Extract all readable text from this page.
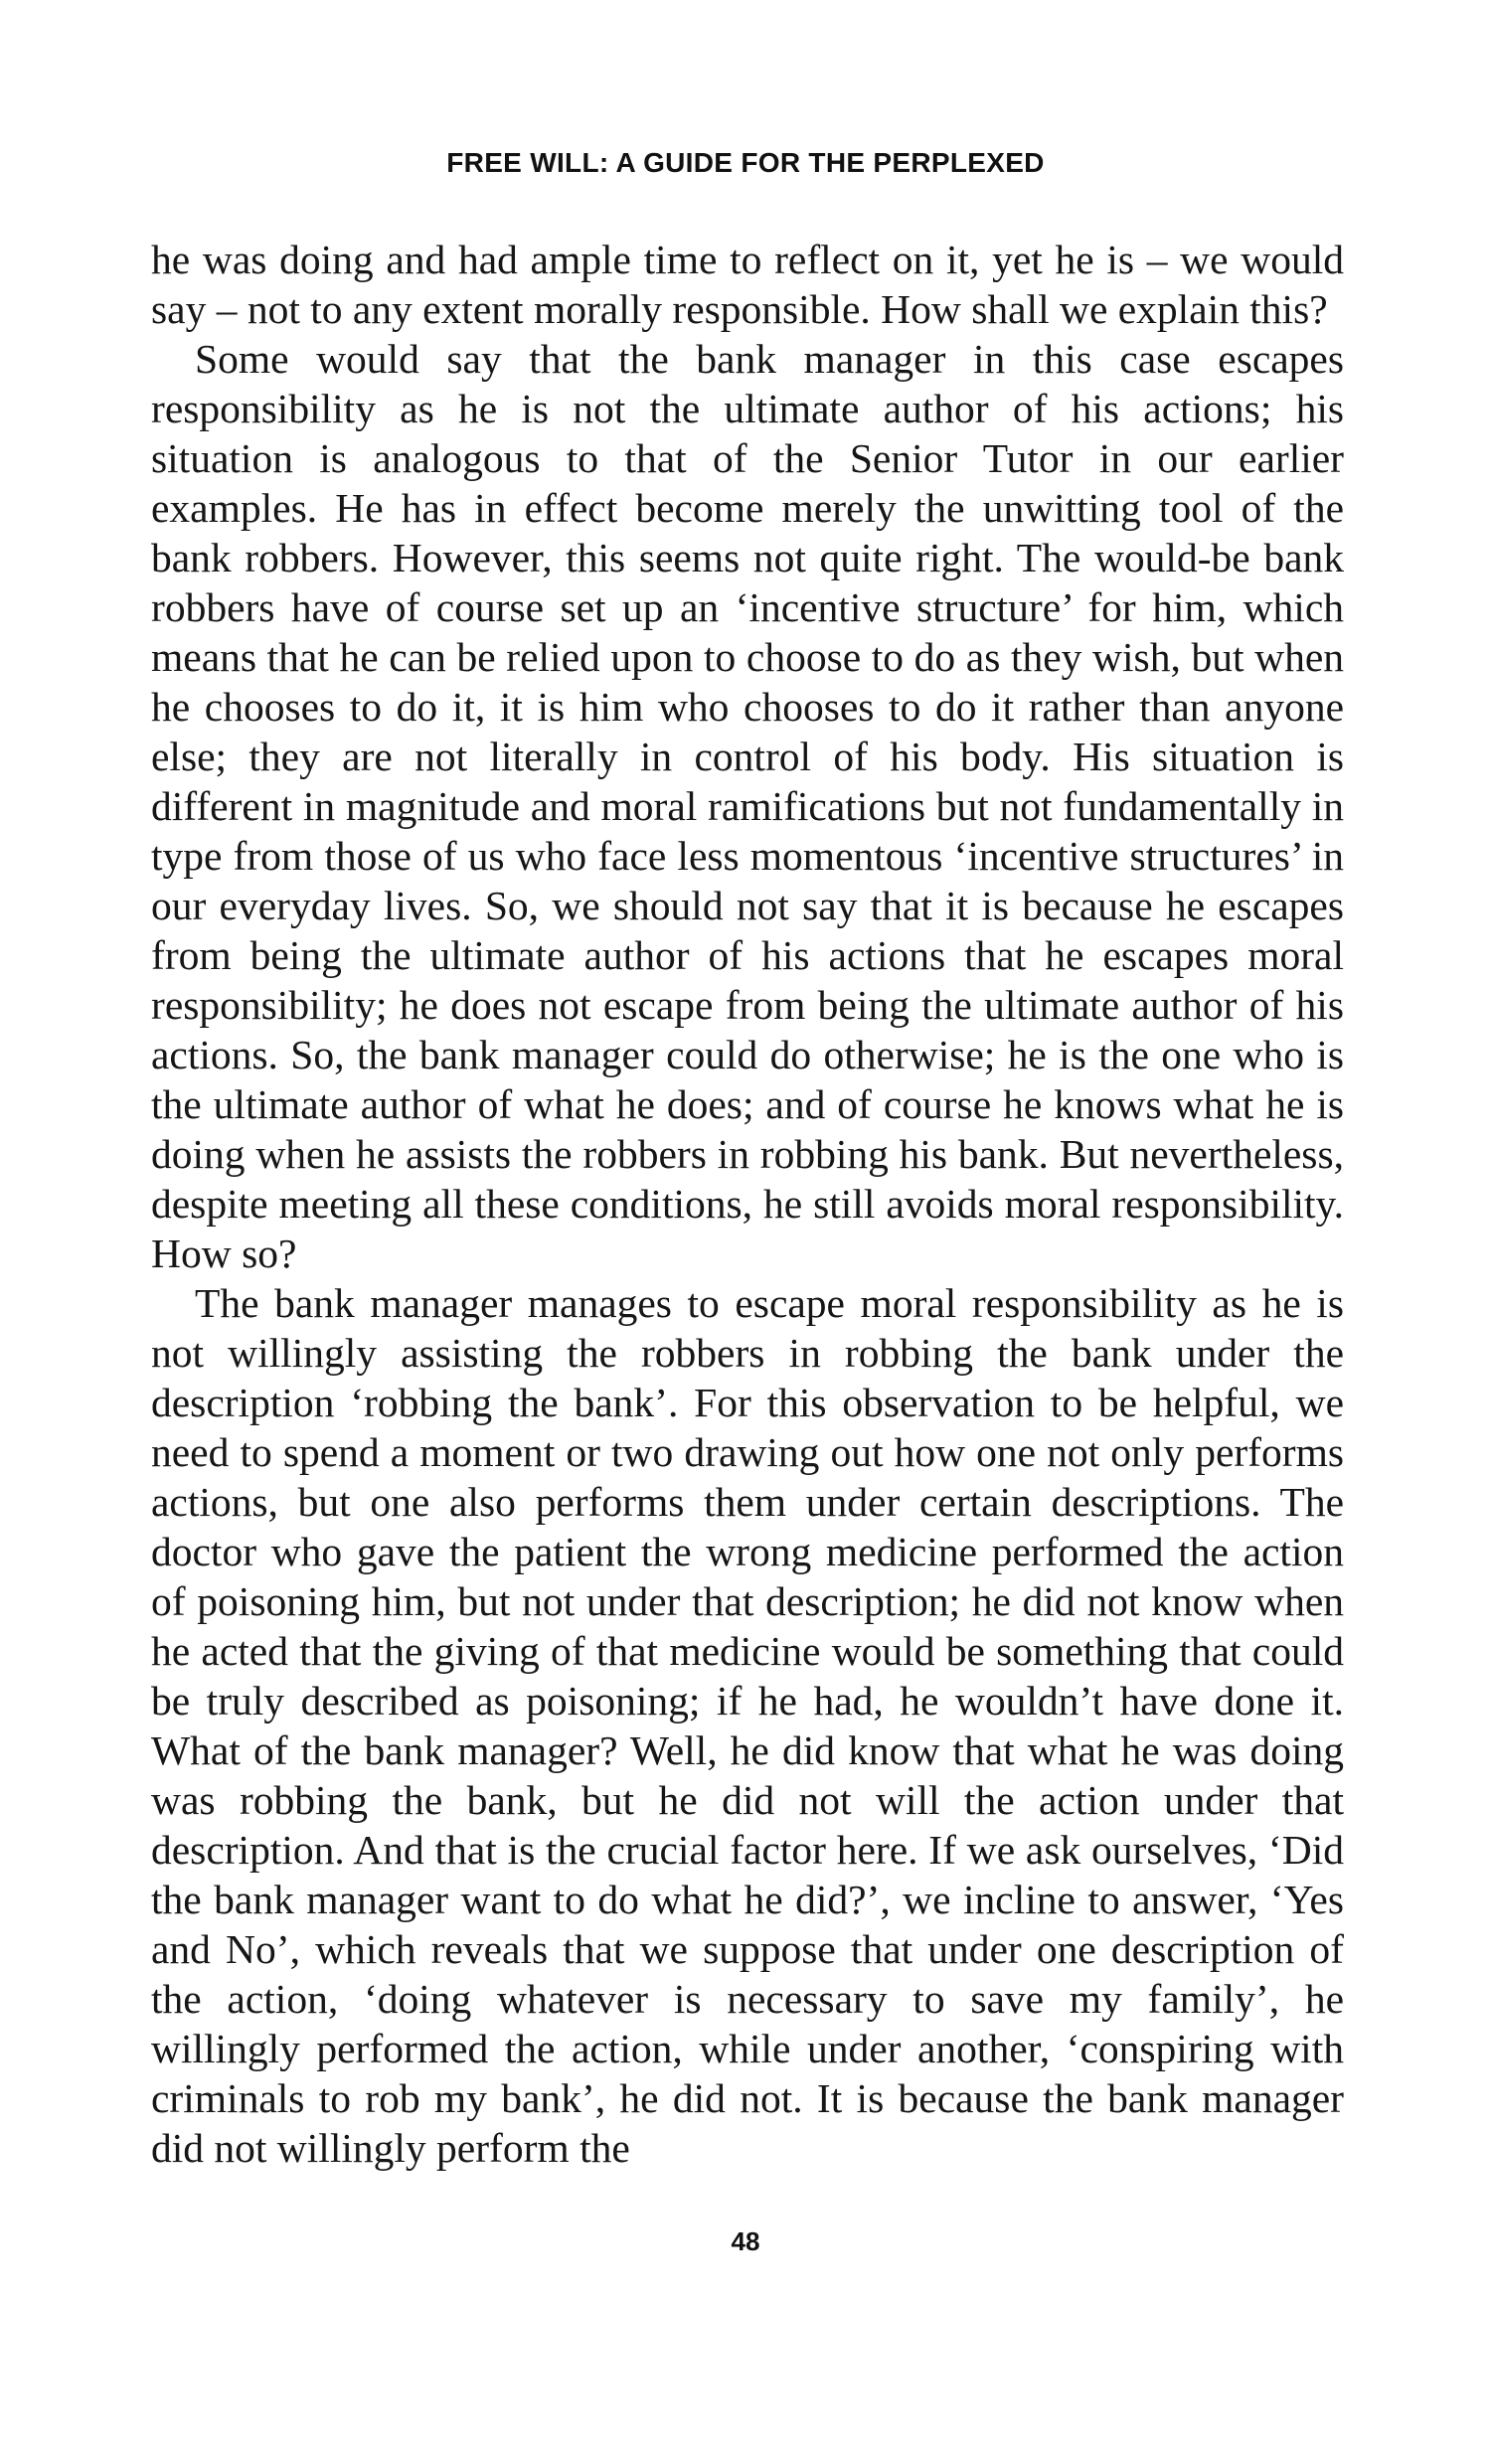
FREE WILL: A GUIDE FOR THE PERPLEXED

he was doing and had ample time to reflect on it, yet he is – we would say – not to any extent morally responsible. How shall we explain this?

Some would say that the bank manager in this case escapes responsibility as he is not the ultimate author of his actions; his situation is analogous to that of the Senior Tutor in our earlier examples. He has in effect become merely the unwitting tool of the bank robbers. However, this seems not quite right. The would-be bank robbers have of course set up an ‘incentive structure’ for him, which means that he can be relied upon to choose to do as they wish, but when he chooses to do it, it is him who chooses to do it rather than anyone else; they are not literally in control of his body. His situation is different in magnitude and moral ramifications but not fundamentally in type from those of us who face less momentous ‘incentive structures’ in our everyday lives. So, we should not say that it is because he escapes from being the ultimate author of his actions that he escapes moral responsibility; he does not escape from being the ultimate author of his actions. So, the bank manager could do otherwise; he is the one who is the ultimate author of what he does; and of course he knows what he is doing when he assists the robbers in robbing his bank. But nevertheless, despite meeting all these conditions, he still avoids moral responsibility. How so?

The bank manager manages to escape moral responsibility as he is not willingly assisting the robbers in robbing the bank under the description ‘robbing the bank’. For this observation to be helpful, we need to spend a moment or two drawing out how one not only performs actions, but one also performs them under certain descriptions. The doctor who gave the patient the wrong medicine performed the action of poisoning him, but not under that description; he did not know when he acted that the giving of that medicine would be something that could be truly described as poisoning; if he had, he wouldn’t have done it. What of the bank manager? Well, he did know that what he was doing was robbing the bank, but he did not will the action under that description. And that is the crucial factor here. If we ask ourselves, ‘Did the bank manager want to do what he did?’, we incline to answer, ‘Yes and No’, which reveals that we suppose that under one description of the action, ‘doing whatever is necessary to save my family’, he willingly performed the action, while under another, ‘conspiring with criminals to rob my bank’, he did not. It is because the bank manager did not willingly perform the

48
